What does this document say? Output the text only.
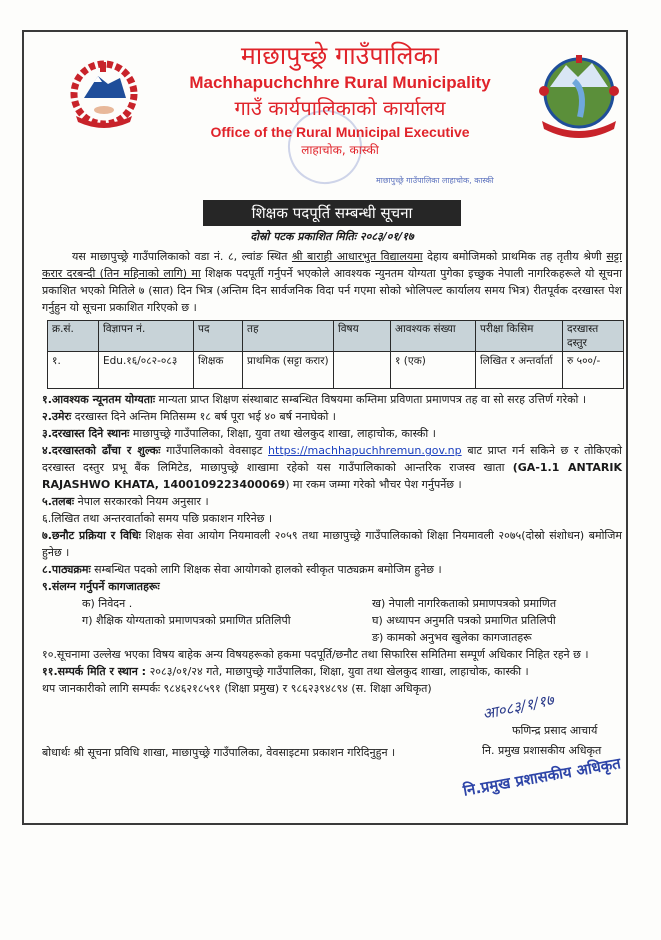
माछापुच्छ्रे गाउँपालिका
Machhapuchchhre Rural Municipality
गाउँ कार्यपालिकाको कार्यालय
Office of the Rural Municipal Executive
लाहाचोक, कास्की
माछापुच्छ्रे गाउँपालिका लाहाचोक, कास्की
शिक्षक पदपूर्ति सम्बन्धी सूचना
दोस्रो पटक प्रकाशित मितिः २०८३/०१/१७

यस माछापुच्छ्रे गाउँपालिकाको वडा नं. ८, ल्वांङ स्थित श्री बाराही आधारभुत विद्यालयमा देहाय बमोजिमको प्राथमिक तह तृतीय श्रेणी सट्टा करार दरबन्दी (तिन महिनाको लागि) मा शिक्षक पदपूर्ती गर्नुपर्ने भएकोले आवश्यक न्युनतम योग्यता पुगेका इच्छुक नेपाली नागरिकहरूले यो सूचना प्रकाशित भएको मितिले ७ (सात) दिन भित्र (अन्तिम दिन सार्वजनिक विदा पर्न गएमा सोको भोलिपल्ट कार्यालय समय भित्र) रीतपूर्वक दरखास्त पेश गर्नुहुन यो सूचना प्रकाशित गरिएको छ ।

क्र.सं.	विज्ञापन नं.	पद	तह	विषय	आवश्यक संख्या	परीक्षा किसिम	दरखास्त दस्तुर
१.	Edu.१६/०८२-०८३	शिक्षक	प्राथमिक (सट्टा करार)		१ (एक)	लिखित र अन्तर्वार्ता	रु ५००/-

१.आवश्यक न्यूनतम योग्यताः मान्यता प्राप्त शिक्षण संस्थाबाट सम्बन्धित विषयमा कम्तिमा प्रविणता प्रमाणपत्र तह वा सो सरह उत्तिर्ण गरेको ।

२.उमेरः दरखास्त दिने अन्तिम मितिसम्म १८ बर्ष पूरा भई ४० बर्ष ननाघेको ।

३.दरखास्त दिने स्थानः माछापुच्छ्रे गाउँपालिका, शिक्षा, युवा तथा खेलकुद शाखा, लाहाचोक, कास्की ।

४.दरखास्तको ढाँचा र शुल्कः गाउँपालिकाको वेवसाइट https://machhapuchhremun.gov.np बाट प्राप्त गर्न सकिने छ र तोकिएको दरखास्त दस्तुर प्रभू बैंक लिमिटेड, माछापुच्छ्रे शाखामा रहेको यस गाउँपालिकाको आन्तरिक राजस्व खाता (GA-1.1 ANTARIK RAJASHWO KHATA, 1400109223400069) मा रकम जम्मा गरेको भौचर पेश गर्नुपर्नेछ ।

५.तलबः नेपाल सरकारको नियम अनुसार ।

६.लिखित तथा अन्तरवार्ताको समय पछि प्रकाशन गरिनेछ ।

७.छनौट प्रक्रिया र विधिः शिक्षक सेवा आयोग नियमावली २०५९ तथा माछापुच्छ्रे गाउँपालिकाको शिक्षा नियमावली २०७५(दोस्रो संशोधन) बमोजिम हुनेछ ।

८.पाठ्यक्रमः सम्बन्धित पदको लागि शिक्षक सेवा आयोगको हालको स्वीकृत पाठ्यक्रम बमोजिम हुनेछ ।

९.संलग्न गर्नुपर्ने कागजातहरूः

क) निवेदन .	ख) नेपाली नागरिकताको प्रमाणपत्रको प्रमाणित
ग) शैक्षिक योग्यताको प्रमाणपत्रको प्रमाणित प्रतिलिपी	घ) अध्यापन अनुमति पत्रको प्रमाणित प्रतिलिपी
ङ) कामको अनुभव खुलेका कागजातहरू

१०.सूचनामा उल्लेख भएका विषय बाहेक अन्य विषयहरूको हकमा पदपूर्ति/छनौट तथा सिफारिस समितिमा सम्पूर्ण अधिकार निहित रहने छ ।

११.सम्पर्क मिति र स्थान : २०८३/०१/२४ गते, माछापुच्छ्रे गाउँपालिका, शिक्षा, युवा तथा खेलकुद शाखा, लाहाचोक, कास्की ।

थप जानकारीको लागि सम्पर्कः ९८४६२१८५९१ (शिक्षा प्रमुख) र ९८६२३९४८९४ (स. शिक्षा अधिकृत)

आ०८३/१/१७
फणिन्द्र प्रसाद आचार्य
नि. प्रमुख प्रशासकीय अधिकृत
नि.प्रमुख प्रशासकीय अधिकृत
बोधार्थः श्री सूचना प्रविधि शाखा, माछापुच्छ्रे गाउँपालिका, वेवसाइटमा प्रकाशन गरिदिनुहुन ।
